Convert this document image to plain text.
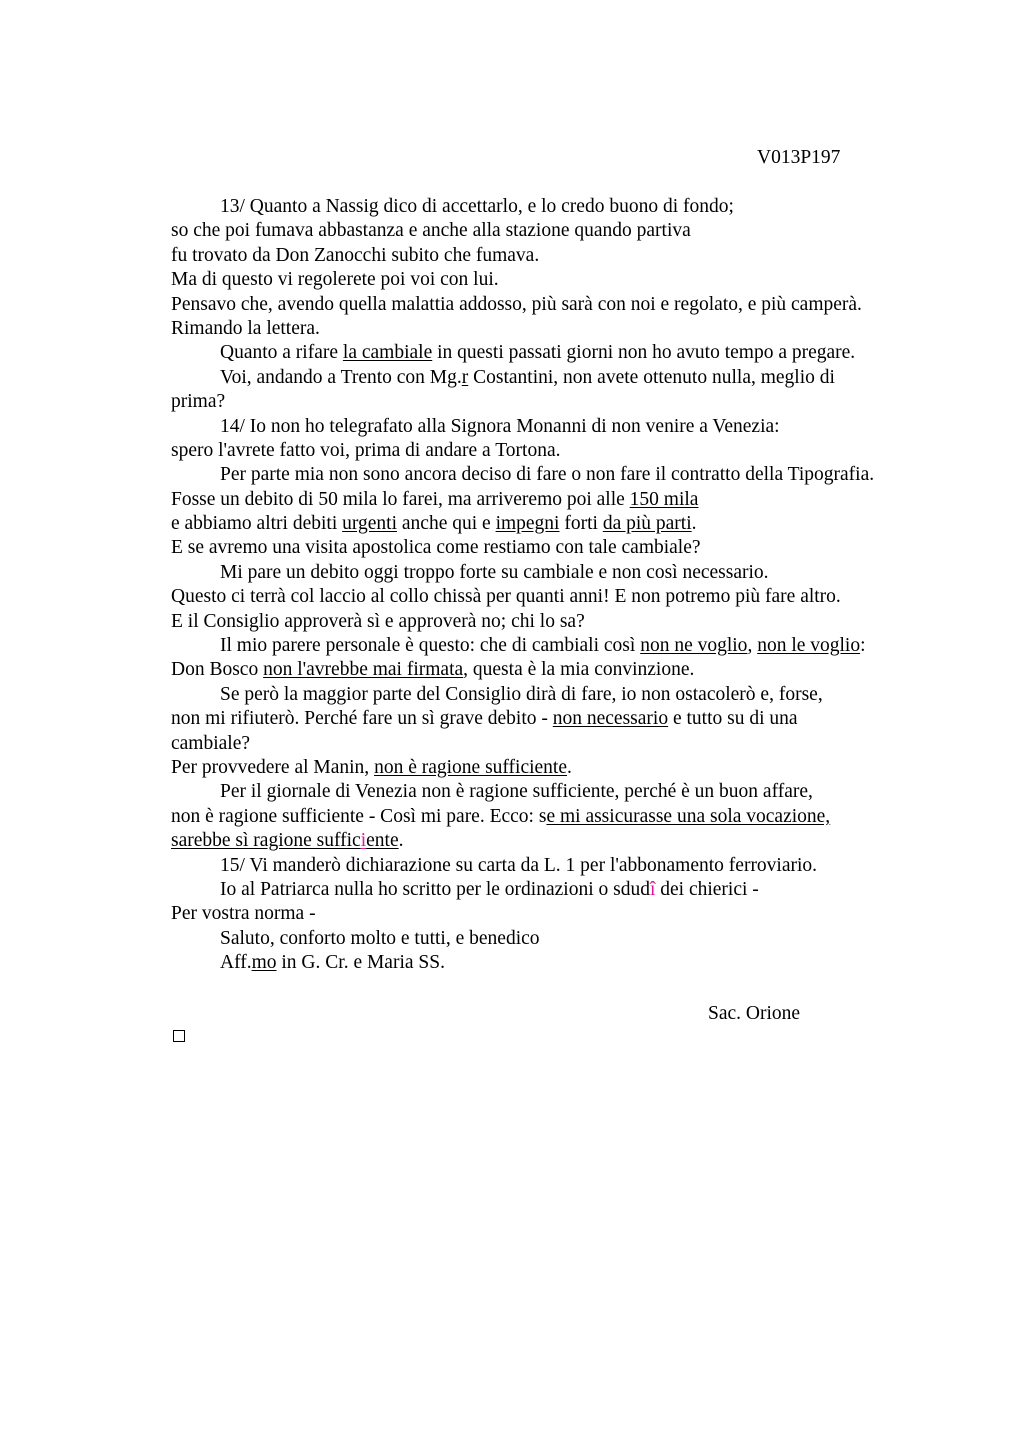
V013P197
13/ Quanto a Nassig dico di accettarlo, e lo credo buono di fondo;
so che poi fumava abbastanza e anche alla stazione quando partiva
fu trovato da Don Zanocchi subito che fumava.
Ma di questo vi regolerete poi voi con lui.
Pensavo che, avendo quella malattia addosso, più sarà con noi e regolato, e più camperà.
Rimando la lettera.
Quanto a rifare la cambiale in questi passati giorni non ho avuto tempo a pregare.
Voi, andando a Trento con Mg.r Costantini, non avete ottenuto nulla, meglio di
prima?
14/ Io non ho telegrafato alla Signora Monanni di non venire a Venezia:
spero l'avrete fatto voi, prima di andare a Tortona.
Per parte mia non sono ancora deciso di fare o non fare il contratto della Tipografia.
Fosse un debito di 50 mila lo farei, ma arriveremo poi alle 150 mila
e abbiamo altri debiti urgenti anche qui e impegni forti da più parti.
E se avremo una visita apostolica come restiamo con tale cambiale?
Mi pare un debito oggi troppo forte su cambiale e non così necessario.
Questo ci terrà col laccio al collo chissà per quanti anni! E non potremo più fare altro.
E il Consiglio approverà sì e approverà no; chi lo sa?
Il mio parere personale è questo: che di cambiali così non ne voglio, non le voglio:
Don Bosco non l'avrebbe mai firmata, questa è la mia convinzione.
Se però la maggior parte del Consiglio dirà di fare, io non ostacolerò e, forse,
non mi rifiuterò. Perché fare un sì grave debito - non necessario e tutto su di una
cambiale?
Per provvedere al Manin, non è ragione sufficiente.
Per il giornale di Venezia non è ragione sufficiente, perché è un buon affare,
non è ragione sufficiente - Così mi pare. Ecco: se mi assicurasse una sola vocazione,
sarebbe sì ragione sufficiente.
15/ Vi manderò dichiarazione su carta da L. 1 per l'abbonamento ferroviario.
Io al Patriarca nulla ho scritto per le ordinazioni o sdudî dei chierici -
Per vostra norma -
Saluto, conforto molto e tutti, e benedico
Aff.mo in G. Cr. e Maria SS.
Sac. Orione
